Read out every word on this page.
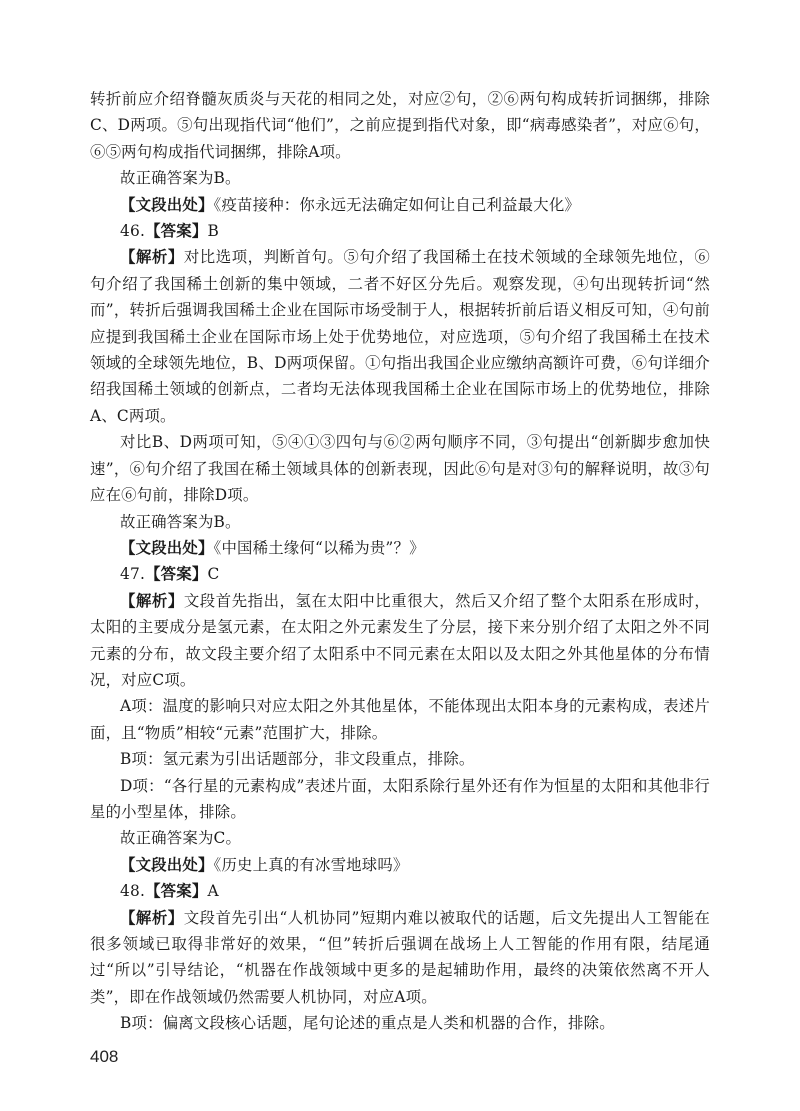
转折前应介绍脊髓灰质炎与天花的相同之处，对应②句，②⑥两句构成转折词捆绑，排除C、D两项。⑤句出现指代词“他们”，之前应提到指代对象，即“病毒感染者”，对应⑥句，⑥⑤两句构成指代词捆绑，排除A项。

故正确答案为B。

【文段出处】《疫苗接种：你永远无法确定如何让自己利益最大化》

46.【答案】B

【解析】对比选项，判断首句。⑤句介绍了我国稀土在技术领域的全球领先地位，⑥句介绍了我国稀土创新的集中领域，二者不好区分先后。观察发现，④句出现转折词“然而”，转折后强调我国稀土企业在国际市场受制于人，根据转折前后语义相反可知，④句前应提到我国稀土企业在国际市场上处于优势地位，对应选项，⑤句介绍了我国稀土在技术领域的全球领先地位，B、D两项保留。①句指出我国企业应缴纳高额许可费，⑥句详细介绍我国稀土领域的创新点，二者均无法体现我国稀土企业在国际市场上的优势地位，排除A、C两项。

对比B、D两项可知，⑤④①③四句与⑥②两句顺序不同，③句提出“创新脚步愈加快速”，⑥句介绍了我国在稀土领域具体的创新表现，因此⑥句是对③句的解释说明，故③句应在⑥句前，排除D项。

故正确答案为B。

【文段出处】《中国稀土缘何“以稀为贵”？》

47.【答案】C

【解析】文段首先指出，氢在太阳中比重很大，然后又介绍了整个太阳系在形成时，太阳的主要成分是氢元素，在太阳之外元素发生了分层，接下来分别介绍了太阳之外不同元素的分布，故文段主要介绍了太阳系中不同元素在太阳以及太阳之外其他星体的分布情况，对应C项。

A项：温度的影响只对应太阳之外其他星体，不能体现出太阳本身的元素构成，表述片面，且“物质”相较“元素”范围扩大，排除。

B项：氢元素为引出话题部分，非文段重点，排除。

D项：“各行星的元素构成”表述片面，太阳系除行星外还有作为恒星的太阳和其他非行星的小型星体，排除。

故正确答案为C。

【文段出处】《历史上真的有冰雪地球吗》

48.【答案】A

【解析】文段首先引出“人机协同”短期内难以被取代的话题，后文先提出人工智能在很多领域已取得非常好的效果，“但”转折后强调在战场上人工智能的作用有限，结尾通过“所以”引导结论，“机器在作战领域中更多的是起辅助作用，最终的决策依然离不开人类”，即在作战领域仍然需要人机协同，对应A项。

B项：偏离文段核心话题，尾句论述的重点是人类和机器的合作，排除。

408
